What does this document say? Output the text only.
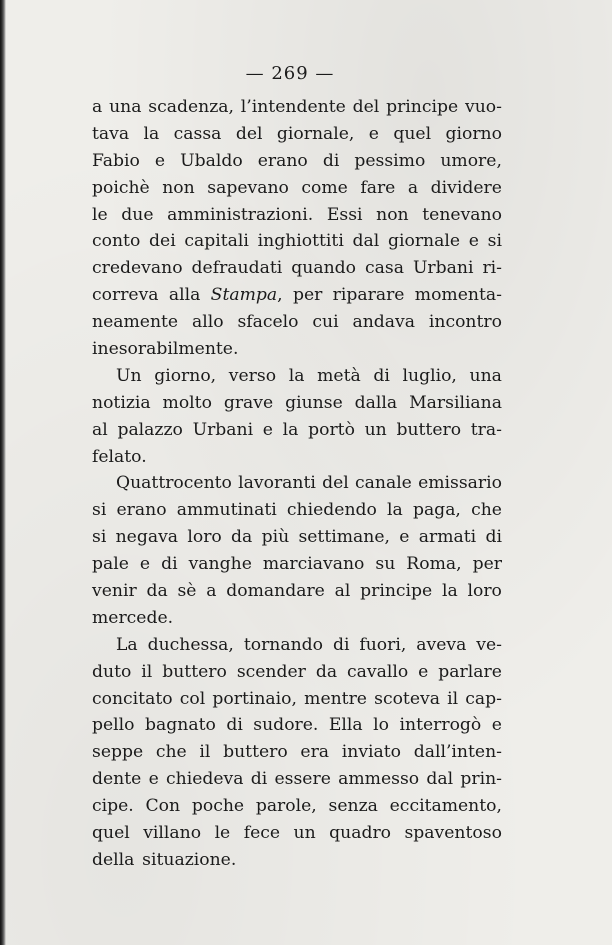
— 269 —
a una scadenza, l’intendente del principe vuo-
tava la cassa del giornale, e quel giorno
Fabio e Ubaldo erano di pessimo umore,
poichè non sapevano come fare a dividere
le due amministrazioni. Essi non tenevano
conto dei capitali inghiottiti dal giornale e si
credevano defraudati quando casa Urbani ri-
correva alla Stampa, per riparare momenta-
neamente allo sfacelo cui andava incontro
inesorabilmente.
Un giorno, verso la metà di luglio, una
notizia molto grave giunse dalla Marsiliana
al palazzo Urbani e la portò un buttero tra-
felato.
Quattrocento lavoranti del canale emissario
si erano ammutinati chiedendo la paga, che
si negava loro da più settimane, e armati di
pale e di vanghe marciavano su Roma, per
venir da sè a domandare al principe la loro
mercede.
La duchessa, tornando di fuori, aveva ve-
duto il buttero scender da cavallo e parlare
concitato col portinaio, mentre scoteva il cap-
pello bagnato di sudore. Ella lo interrogò e
seppe che il buttero era inviato dall’inten-
dente e chiedeva di essere ammesso dal prin-
cipe. Con poche parole, senza eccitamento,
quel villano le fece un quadro spaventoso
della situazione.
